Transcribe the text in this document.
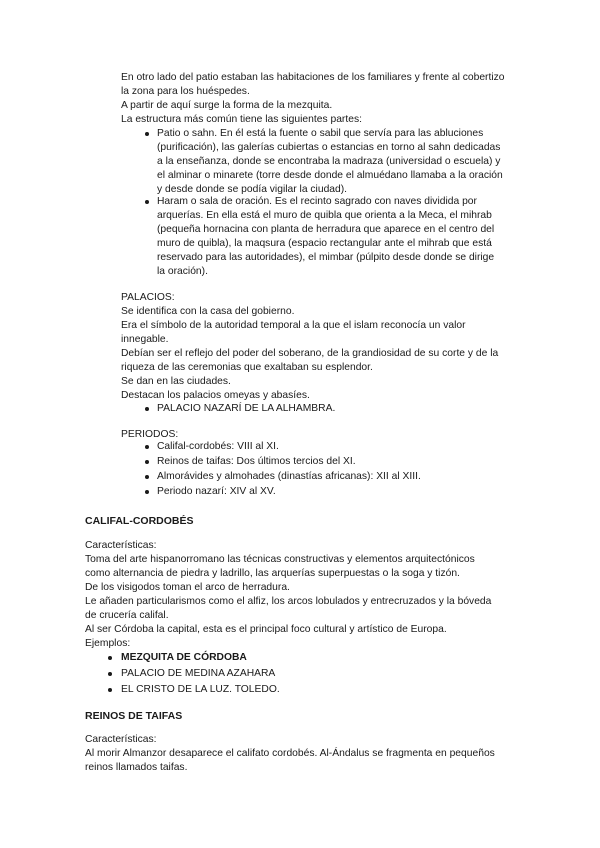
En otro lado del patio estaban las habitaciones de los familiares y frente al cobertizo
la zona para los huéspedes.
A partir de aquí surge la forma de la mezquita.
La estructura más común tiene las siguientes partes:
Patio o sahn. En él está la fuente o sabil que servía para las abluciones
(purificación), las galerías cubiertas o estancias en torno al sahn dedicadas
a la enseñanza, donde se encontraba la madraza (universidad o escuela) y
el alminar o minarete (torre desde donde el almuédano llamaba a la oración
y desde donde se podía vigilar la ciudad).
Haram o sala de oración. Es el recinto sagrado con naves dividida por
arquerías. En ella está el muro de quibla que orienta a la Meca, el mihrab
(pequeña hornacina con planta de herradura que aparece en el centro del
muro de quibla), la maqsura (espacio rectangular ante el mihrab que está
reservado para las autoridades), el mimbar (púlpito desde donde se dirige
la oración).
PALACIOS:
Se identifica con la casa del gobierno.
Era el símbolo de la autoridad temporal a la que el islam reconocía un valor
innegable.
Debían ser el reflejo del poder del soberano, de la grandiosidad de su corte y de la
riqueza de las ceremonias que exaltaban su esplendor.
Se dan en las ciudades.
Destacan los palacios omeyas y abasíes.
PALACIO NAZARÍ DE LA ALHAMBRA.
PERIODOS:
Califal-cordobés: VIII al XI.
Reinos de taifas: Dos últimos tercios del XI.
Almorávides y almohades (dinastías africanas): XII al XIII.
Periodo nazarí: XIV al XV.
CALIFAL-CORDOBÉS
Características:
Toma del arte hispanorromano las técnicas constructivas y elementos arquitectónicos
como alternancia de piedra y ladrillo, las arquerías superpuestas o la soga y tizón.
De los visigodos toman el arco de herradura.
Le añaden particularismos como el alfiz, los arcos lobulados y entrecruzados y la bóveda
de crucería califal.
Al ser Córdoba la capital, esta es el principal foco cultural y artístico de Europa.
Ejemplos:
MEZQUITA DE CÓRDOBA
PALACIO DE MEDINA AZAHARA
EL CRISTO DE LA LUZ. TOLEDO.
REINOS DE TAIFAS
Características:
Al morir Almanzor desaparece el califato cordobés. Al-Ándalus se fragmenta en pequeños
reinos llamados taifas.
